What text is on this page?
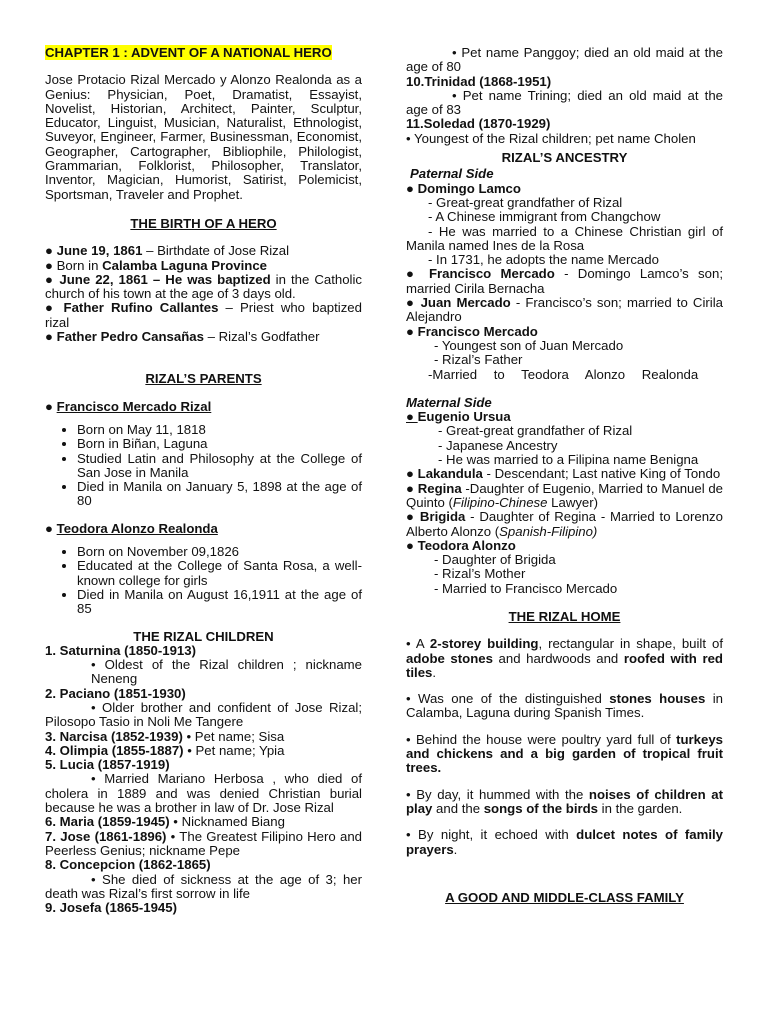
CHAPTER 1 : ADVENT OF A NATIONAL HERO

Jose Protacio Rizal Mercado y Alonzo Realonda as a Genius: Physician, Poet, Dramatist, Essayist, Novelist, Historian, Architect, Painter, Sculptur, Educator, Linguist, Musician, Naturalist, Ethnologist, Suveyor, Engineer, Farmer, Businessman, Economist, Geographer, Cartographer, Bibliophile, Philologist, Grammarian, Folklorist, Philosopher, Translator, Inventor, Magician, Humorist, Satirist, Polemicist, Sportsman, Traveler and Prophet.

THE BIRTH OF A HERO

● June 19, 1861 – Birthdate of Jose Rizal

● Born in Calamba Laguna Province

● June 22, 1861 – He was baptized in the Catholic church of his town at the age of 3 days old.

● Father Rufino Callantes – Priest who baptized rizal

● Father Pedro Cansañas – Rizal’s Godfather

RIZAL’S PARENTS

● Francisco Mercado Rizal

• Born on May 11, 1818
• Born in Biñan, Laguna
• Studied Latin and Philosophy at the College of San Jose in Manila
• Died in Manila on January 5, 1898 at the age of 80

● Teodora Alonzo Realonda

• Born on November 09,1826
• Educated at the College of Santa Rosa, a well-known college for girls
• Died in Manila on August 16,1911 at the age of 85

THE RIZAL CHILDREN

1. Saturnina (1850-1913)

• Oldest of the Rizal children ; nickname Neneng

2. Paciano (1851-1930)

• Older brother and confident of Jose Rizal; Pilosopo Tasio in Noli Me Tangere

3. Narcisa (1852-1939) • Pet name; Sisa

4. Olimpia (1855-1887) • Pet name; Ypia

5. Lucia (1857-1919)

• Married Mariano Herbosa , who died of cholera in 1889 and was denied Christian burial because he was a brother in law of Dr. Jose Rizal

6. Maria (1859-1945) • Nicknamed Biang

7. Jose (1861-1896) • The Greatest Filipino Hero and Peerless Genius; nickname Pepe

8. Concepcion (1862-1865)

• She died of sickness at the age of 3; her death was Rizal’s first sorrow in life

9. Josefa (1865-1945)

• Pet name Panggoy; died an old maid at the age of 80

10.Trinidad (1868-1951)

• Pet name Trining; died an old maid at the age of 83

11.Soledad (1870-1929)

• Youngest of the Rizal children; pet name Cholen

RIZAL’S ANCESTRY

Paternal Side

● Domingo Lamco

- Great-great grandfather of Rizal

- A Chinese immigrant from Changchow

- He was married to a Chinese Christian girl of Manila named Ines de la Rosa

- In 1731, he adopts the name Mercado

● Francisco Mercado - Domingo Lamco’s son; married Cirila Bernacha

● Juan Mercado - Francisco’s son; married to Cirila Alejandro

● Francisco Mercado

- Youngest son of Juan Mercado

- Rizal’s Father

-Married to Teodora Alonzo Realonda

Maternal Side

● Eugenio Ursua

- Great-great grandfather of Rizal

- Japanese Ancestry

- He was married to a Filipina name Benigna

● Lakandula - Descendant; Last native King of Tondo

● Regina -Daughter of Eugenio, Married to Manuel de Quinto (Filipino-Chinese Lawyer)

● Brigida - Daughter of Regina - Married to Lorenzo Alberto Alonzo (Spanish-Filipino)

● Teodora Alonzo

- Daughter of Brigida

- Rizal’s Mother

- Married to Francisco Mercado

THE RIZAL HOME

• A 2-storey building, rectangular in shape, built of adobe stones and hardwoods and roofed with red tiles.

• Was one of the distinguished stones houses in Calamba, Laguna during Spanish Times.

• Behind the house were poultry yard full of turkeys and chickens and a big garden of tropical fruit trees.

• By day, it hummed with the noises of children at play and the songs of the birds in the garden.

• By night, it echoed with dulcet notes of family prayers.

A GOOD AND MIDDLE-CLASS FAMILY
